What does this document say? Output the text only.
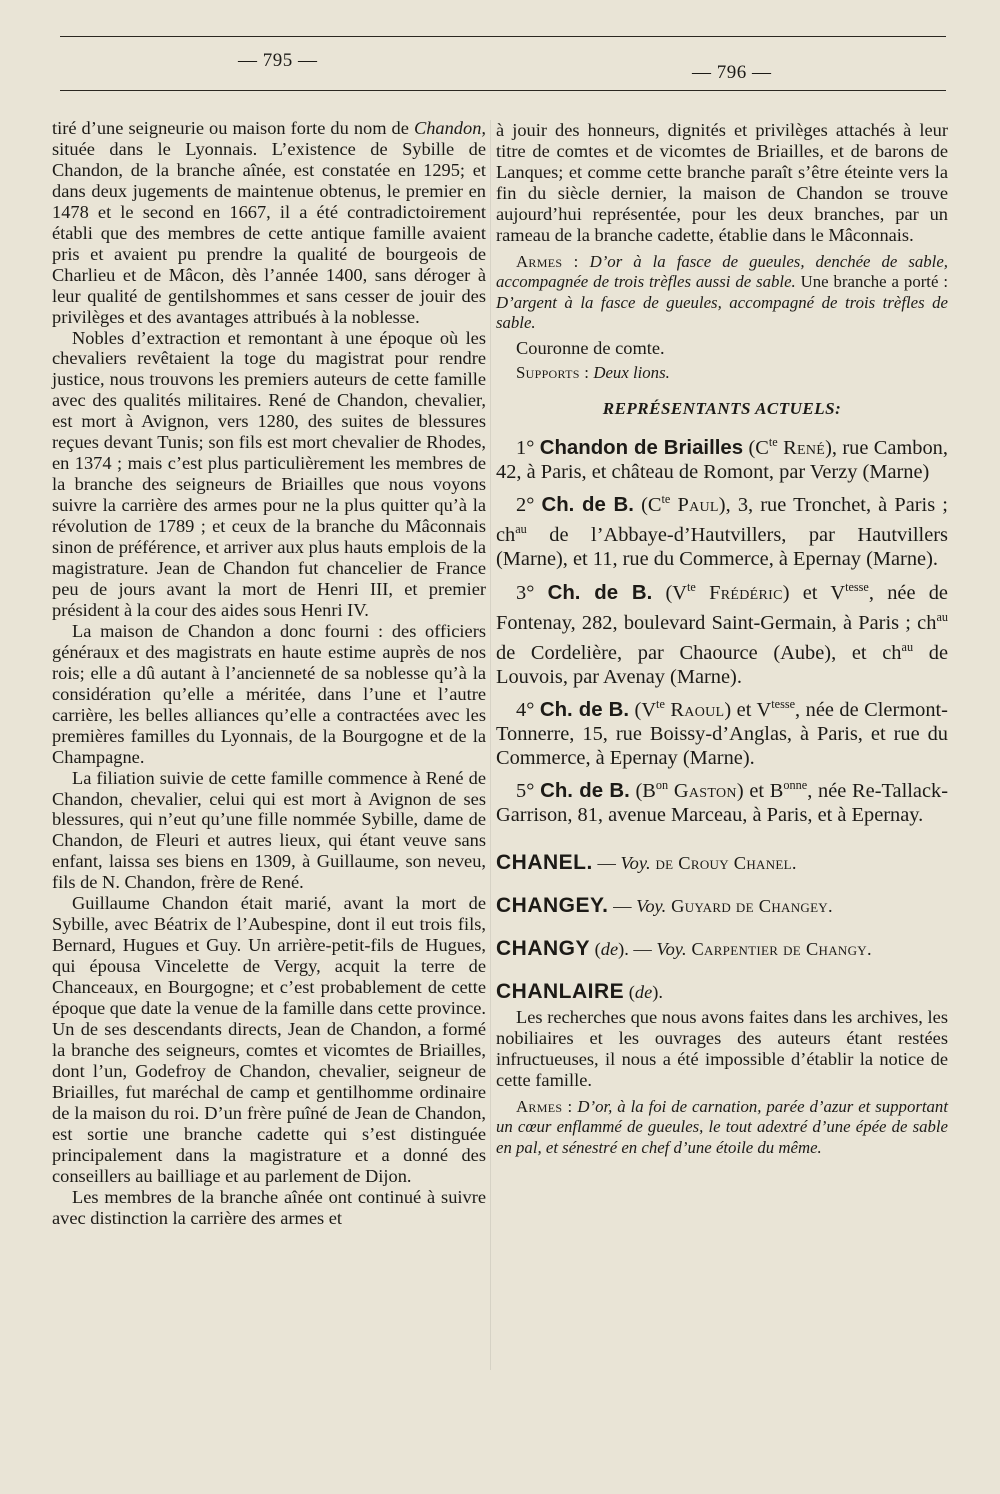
— 795 —
— 796 —

tiré d’une seigneurie ou maison forte du nom de Chandon, située dans le Lyonnais. L’existence de Sybille de Chandon, de la branche aînée, est constatée en 1295; et dans deux jugements de maintenue obtenus, le premier en 1478 et le second en 1667, il a été contradictoirement établi que des membres de cette antique famille avaient pris et avaient pu prendre la qualité de bourgeois de Charlieu et de Mâcon, dès l’année 1400, sans déroger à leur qualité de gentilshommes et sans cesser de jouir des privilèges et des avantages attribués à la noblesse.

Nobles d’extraction et remontant à une époque où les chevaliers revêtaient la toge du magistrat pour rendre justice, nous trouvons les premiers auteurs de cette famille avec des qualités militaires. René de Chandon, chevalier, est mort à Avignon, vers 1280, des suites de blessures reçues devant Tunis; son fils est mort chevalier de Rhodes, en 1374 ; mais c’est plus particulièrement les membres de la branche des seigneurs de Briailles que nous voyons suivre la carrière des armes pour ne la plus quitter qu’à la révolution de 1789 ; et ceux de la branche du Mâconnais sinon de préférence, et arriver aux plus hauts emplois de la magistrature. Jean de Chandon fut chancelier de France peu de jours avant la mort de Henri III, et premier président à la cour des aides sous Henri IV.

La maison de Chandon a donc fourni : des officiers généraux et des magistrats en haute estime auprès de nos rois; elle a dû autant à l’ancienneté de sa noblesse qu’à la considération qu’elle a méritée, dans l’une et l’autre carrière, les belles alliances qu’elle a contractées avec les premières familles du Lyonnais, de la Bourgogne et de la Champagne.

La filiation suivie de cette famille commence à René de Chandon, chevalier, celui qui est mort à Avignon de ses blessures, qui n’eut qu’une fille nommée Sybille, dame de Chandon, de Fleuri et autres lieux, qui étant veuve sans enfant, laissa ses biens en 1309, à Guillaume, son neveu, fils de N. Chandon, frère de René.

Guillaume Chandon était marié, avant la mort de Sybille, avec Béatrix de l’Aubespine, dont il eut trois fils, Bernard, Hugues et Guy. Un arrière-petit-fils de Hugues, qui épousa Vincelette de Vergy, acquit la terre de Chanceaux, en Bourgogne; et c’est probablement de cette époque que date la venue de la famille dans cette province. Un de ses descendants directs, Jean de Chandon, a formé la branche des seigneurs, comtes et vicomtes de Briailles, dont l’un, Godefroy de Chandon, chevalier, seigneur de Briailles, fut maréchal de camp et gentilhomme ordinaire de la maison du roi. D’un frère puîné de Jean de Chandon, est sortie une branche cadette qui s’est distinguée principalement dans la magistrature et a donné des conseillers au bailliage et au parlement de Dijon.

Les membres de la branche aînée ont continué à suivre avec distinction la carrière des armes et

à jouir des honneurs, dignités et privilèges attachés à leur titre de comtes et de vicomtes de Briailles, et de barons de Lanques; et comme cette branche paraît s’être éteinte vers la fin du siècle dernier, la maison de Chandon se trouve aujourd’hui représentée, pour les deux branches, par un rameau de la branche cadette, établie dans le Mâconnais.

Armes : D’or à la fasce de gueules, denchée de sable, accompagnée de trois trèfles aussi de sable. Une branche a porté : D’argent à la fasce de gueules, accompagné de trois trèfles de sable.

Couronne de comte.

Supports : Deux lions.

REPRÉSENTANTS ACTUELS:

1° Chandon de Briailles ($C^{te}$ René), rue Cambon, 42, à Paris, et château de Romont, par Verzy (Marne)

2° Ch. de B. ($C^{te}$ Paul), 3, rue Tronchet, à Paris ; $ch^{au}$ de l’Abbaye-d’Hautvillers, par Hautvillers (Marne), et 11, rue du Commerce, à Epernay (Marne).

3° Ch. de B. ($V^{te}$ Frédéric) et $V^{tesse}$, née de Fontenay, 282, boulevard Saint-Germain, à Paris ; $ch^{au}$ de Cordelière, par Chaource (Aube), et $ch^{au}$ de Louvois, par Avenay (Marne).

4° Ch. de B. ($V^{te}$ Raoul) et $V^{tesse}$, née de Clermont-Tonnerre, 15, rue Boissy-d’Anglas, à Paris, et rue du Commerce, à Epernay (Marne).

5° Ch. de B. ($B^{on}$ Gaston) et $B^{onne}$, née Re-Tallack-Garrison, 81, avenue Marceau, à Paris, et à Epernay.

CHANEL. — Voy. de Crouy Chanel.

CHANGEY. — Voy. Guyard de Changey.

CHANGY (de). — Voy. Carpentier de Changy.

CHANLAIRE (de).

Les recherches que nous avons faites dans les archives, les nobiliaires et les ouvrages des auteurs étant restées infructueuses, il nous a été impossible d’établir la notice de cette famille.

Armes : D’or, à la foi de carnation, parée d’azur et supportant un cœur enflammé de gueules, le tout adextré d’une épée de sable en pal, et sénestré en chef d’une étoile du même.
